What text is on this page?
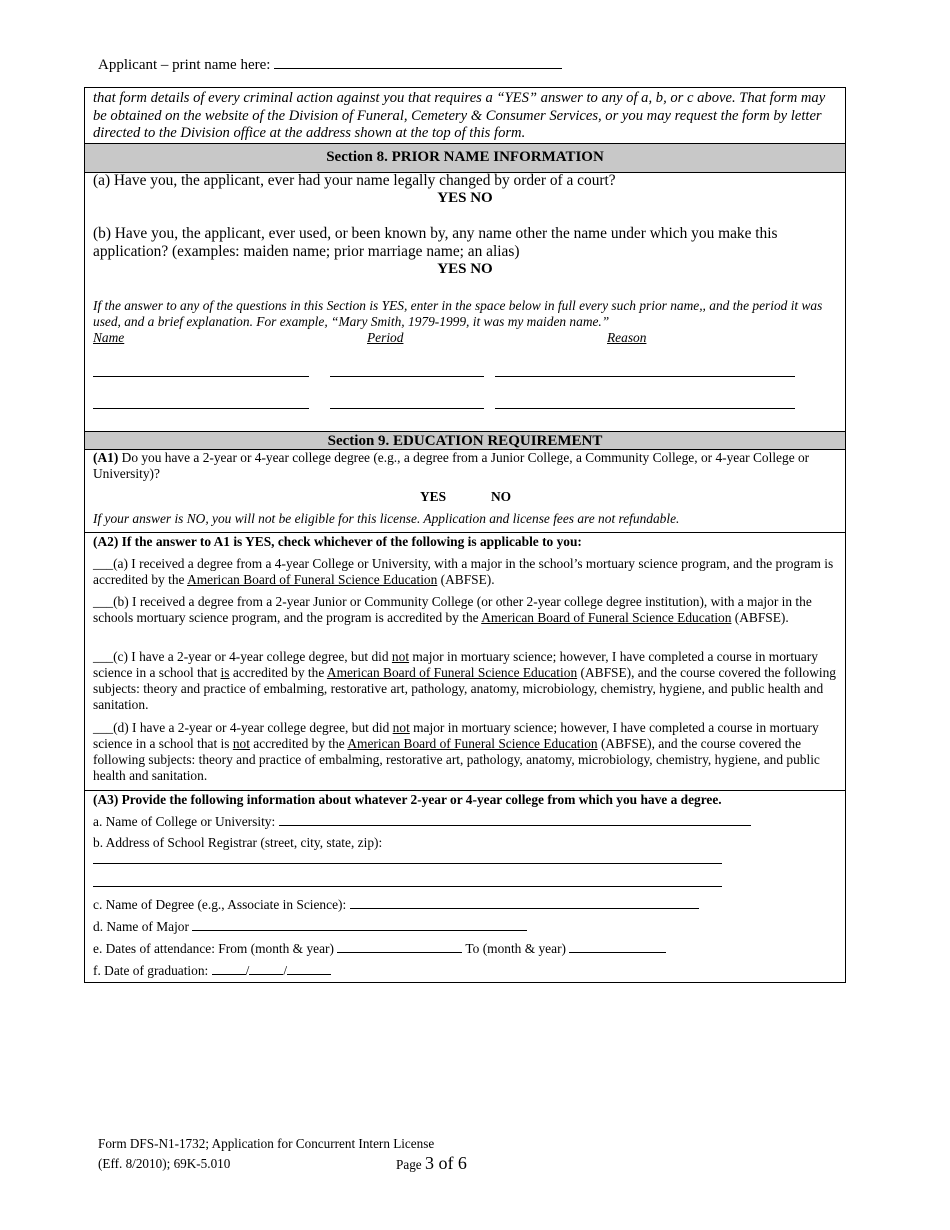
Applicant – print name here:
that form details of every criminal action against you that requires a “YES” answer to any of a, b, or c above. That form may be obtained on the website of the Division of Funeral, Cemetery & Consumer Services, or you may request the form by letter directed to the Division office at the address shown at the top of this form.
Section 8. PRIOR NAME INFORMATION
(a) Have you, the applicant, ever had your name legally changed by order of a court?
YES NO
(b) Have you, the applicant, ever used, or been known by, any name other the name under which you make this application? (examples: maiden name; prior marriage name; an alias)
YES NO
If the answer to any of the questions in this Section is YES, enter in the space below in full every such prior name,, and the period it was used, and a brief explanation. For example, “Mary Smith, 1979-1999, it was my maiden name.”
Name	Period	Reason
Section 9. EDUCATION REQUIREMENT
(A1) Do you have a 2-year or 4-year college degree (e.g., a degree from a Junior College, a Community College, or 4-year College or University)?
YES	NO
If your answer is NO, you will not be eligible for this license. Application and license fees are not refundable.
(A2) If the answer to A1 is YES, check whichever of the following is applicable to you:
___(a) I received a degree from a 4-year College or University, with a major in the school’s mortuary science program, and the program is accredited by the American Board of Funeral Science Education (ABFSE).
___(b) I received a degree from a 2-year Junior or Community College (or other 2-year college degree institution), with a major in the schools mortuary science program, and the program is accredited by the American Board of Funeral Science Education (ABFSE).
___(c) I have a 2-year or 4-year college degree, but did not major in mortuary science; however, I have completed a course in mortuary science in a school that is accredited by the American Board of Funeral Science Education (ABFSE), and the course covered the following subjects: theory and practice of embalming, restorative art, pathology, anatomy, microbiology, chemistry, hygiene, and public health and sanitation.
___(d) I have a 2-year or 4-year college degree, but did not major in mortuary science; however, I have completed a course in mortuary science in a school that is not accredited by the American Board of Funeral Science Education (ABFSE), and the course covered the following subjects: theory and practice of embalming, restorative art, pathology, anatomy, microbiology, chemistry, hygiene, and public health and sanitation.
(A3) Provide the following information about whatever 2-year or 4-year college from which you have a degree.
a. Name of College or University:
b. Address of School Registrar (street, city, state, zip):
c. Name of Degree (e.g., Associate in Science):
d. Name of Major
e. Dates of attendance: From (month & year)	To (month & year)
f. Date of graduation:	/	/
Form DFS-N1-1732; Application for Concurrent Intern License
(Eff. 8/2010); 69K-5.010	Page 3 of 6
